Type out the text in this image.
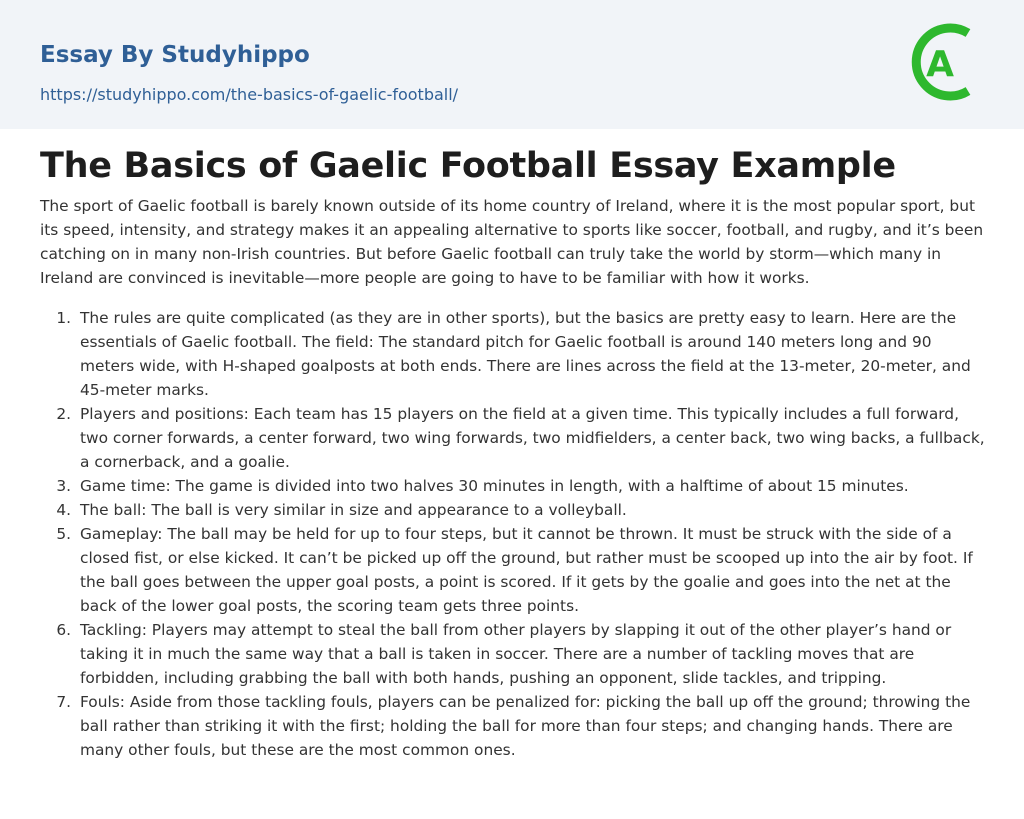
Essay By Studyhippo
https://studyhippo.com/the-basics-of-gaelic-football/
A
The Basics of Gaelic Football Essay Example

The sport of Gaelic football is barely known outside of its home country of Ireland, where it is the most popular sport, but its speed, intensity, and strategy makes it an appealing alternative to sports like soccer, football, and rugby, and it’s been catching on in many non-Irish countries. But before Gaelic football can truly take the world by storm—which many in Ireland are convinced is inevitable—more people are going to have to be familiar with how it works.

1. The rules are quite complicated (as they are in other sports), but the basics are pretty easy to learn. Here are the essentials of Gaelic football. The field: The standard pitch for Gaelic football is around 140 meters long and 90 meters wide, with H-shaped goalposts at both ends. There are lines across the field at the 13-meter, 20-meter, and 45-meter marks.
2. Players and positions: Each team has 15 players on the field at a given time. This typically includes a full forward, two corner forwards, a center forward, two wing forwards, two midfielders, a center back, two wing backs, a fullback, a cornerback, and a goalie.
3. Game time: The game is divided into two halves 30 minutes in length, with a halftime of about 15 minutes.
4. The ball: The ball is very similar in size and appearance to a volleyball.
5. Gameplay: The ball may be held for up to four steps, but it cannot be thrown. It must be struck with the side of a closed fist, or else kicked. It can’t be picked up off the ground, but rather must be scooped up into the air by foot. If the ball goes between the upper goal posts, a point is scored. If it gets by the goalie and goes into the net at the back of the lower goal posts, the scoring team gets three points.
6. Tackling: Players may attempt to steal the ball from other players by slapping it out of the other player’s hand or taking it in much the same way that a ball is taken in soccer. There are a number of tackling moves that are forbidden, including grabbing the ball with both hands, pushing an opponent, slide tackles, and tripping.
7. Fouls: Aside from those tackling fouls, players can be penalized for: picking the ball up off the ground; throwing the ball rather than striking it with the first; holding the ball for more than four steps; and changing hands. There are many other fouls, but these are the most common ones.
